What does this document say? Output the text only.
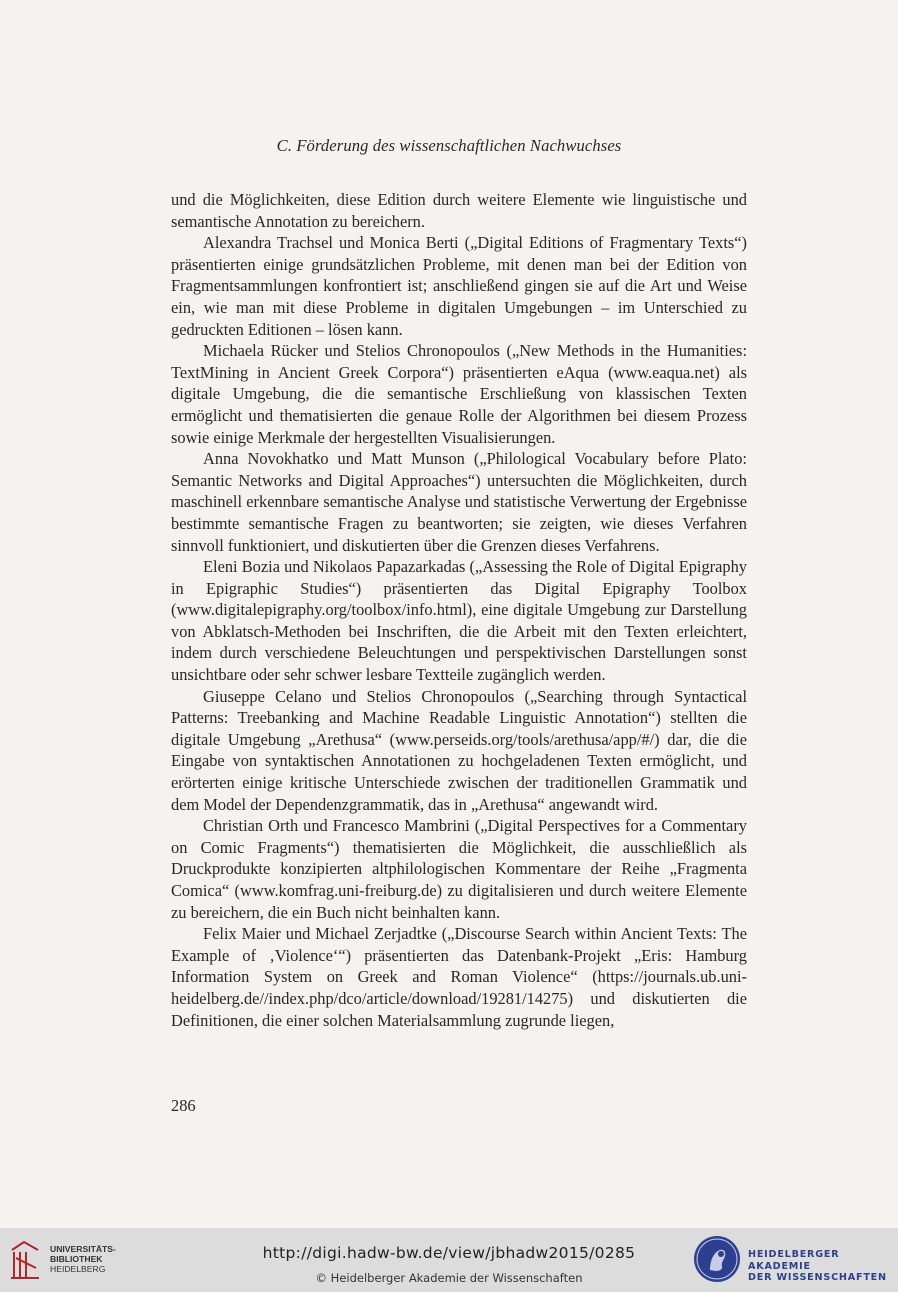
C. Förderung des wissenschaftlichen Nachwuchses

und die Möglichkeiten, diese Edition durch weitere Elemente wie linguistische und semantische Annotation zu bereichern.

Alexandra Trachsel und Monica Berti („Digital Editions of Fragmentary Texts“) präsentierten einige grundsätzlichen Probleme, mit denen man bei der Edition von Fragmentsammlungen konfrontiert ist; anschließend gingen sie auf die Art und Weise ein, wie man mit diese Probleme in digitalen Umgebungen – im Unterschied zu gedruckten Editionen – lösen kann.

Michaela Rücker und Stelios Chronopoulos („New Methods in the Humanities: TextMining in Ancient Greek Corpora“) präsentierten eAqua (www.eaqua.net) als digitale Umgebung, die die semantische Erschließung von klassischen Texten ermöglicht und thematisierten die genaue Rolle der Algorithmen bei diesem Prozess sowie einige Merkmale der hergestellten Visualisierungen.

Anna Novokhatko und Matt Munson („Philological Vocabulary before Plato: Semantic Networks and Digital Approaches“) untersuchten die Möglichkeiten, durch maschinell erkennbare semantische Analyse und statistische Verwertung der Ergebnisse bestimmte semantische Fragen zu beantworten; sie zeigten, wie dieses Verfahren sinnvoll funktioniert, und diskutierten über die Grenzen dieses Verfahrens.

Eleni Bozia und Nikolaos Papazarkadas („Assessing the Role of Digital Epigraphy in Epigraphic Studies“) präsentierten das Digital Epigraphy Toolbox (www.digitalepigraphy.org/toolbox/info.html), eine digitale Umgebung zur Darstellung von Abklatsch-Methoden bei Inschriften, die die Arbeit mit den Texten erleichtert, indem durch verschiedene Beleuchtungen und perspektivischen Darstellungen sonst unsichtbare oder sehr schwer lesbare Textteile zugänglich werden.

Giuseppe Celano und Stelios Chronopoulos („Searching through Syntactical Patterns: Treebanking and Machine Readable Linguistic Annotation“) stellten die digitale Umgebung „Arethusa“ (www.perseids.org/tools/arethusa/app/#/) dar, die die Eingabe von syntaktischen Annotationen zu hochgeladenen Texten ermöglicht, und erörterten einige kritische Unterschiede zwischen der traditionellen Grammatik und dem Model der Dependenzgrammatik, das in „Arethusa“ angewandt wird.

Christian Orth und Francesco Mambrini („Digital Perspectives for a Commentary on Comic Fragments“) thematisierten die Möglichkeit, die ausschließlich als Druckprodukte konzipierten altphilologischen Kommentare der Reihe „Fragmenta Comica“ (www.komfrag.uni-freiburg.de) zu digitalisieren und durch weitere Elemente zu bereichern, die ein Buch nicht beinhalten kann.

Felix Maier und Michael Zerjadtke („Discourse Search within Ancient Texts: The Example of ‚Violence‘“) präsentierten das Datenbank-Projekt „Eris: Hamburg Information System on Greek and Roman Violence“ (https://journals.ub.uni-heidelberg.de//index.php/dco/article/download/19281/14275) und diskutierten die Definitionen, die einer solchen Materialsammlung zugrunde liegen,

286
UNIVERSITÄTS-
BIBLIOTHEK
HEIDELBERG
http://digi.hadw-bw.de/view/jbhadw2015/0285
© Heidelberger Akademie der Wissenschaften
HEIDELBERGER AKADEMIE
DER WISSENSCHAFTEN
